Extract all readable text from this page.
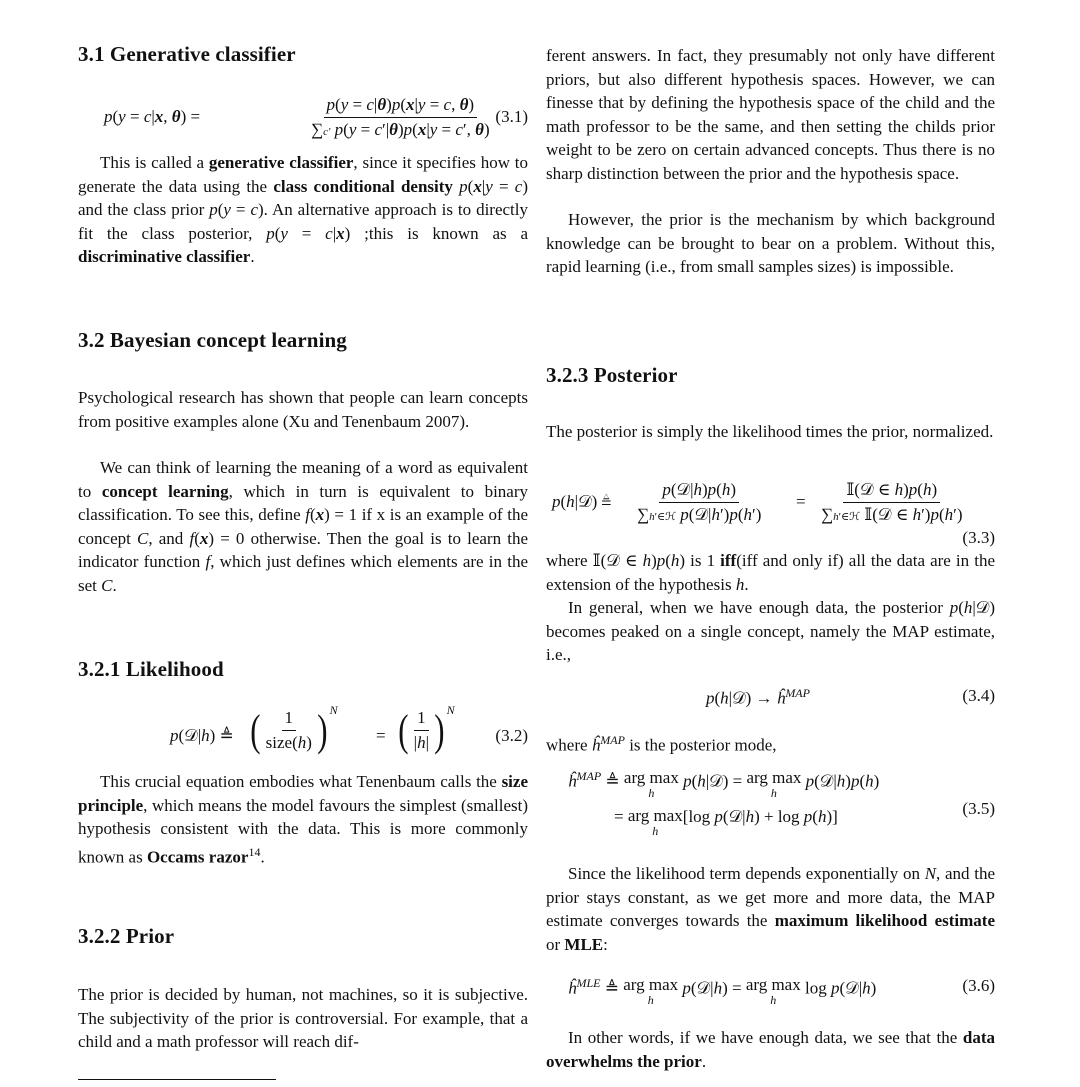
3.1 Generative classifier
p(y = c|x, θ) =	$\frac{p(y = c|\theta)p(x|y = c, \theta)}{\sum c' p(y = c'|\theta)p(x|y = c', \theta)} (3.1)$

This is called a generative classifier, since it specifies how to generate the data using the class conditional density p(x|y = c) and the class prior p(y = c). An alternative approach is to directly fit the class posterior, p(y = c|x) ;this is known as a discriminative classifier.

3.2 Bayesian concept learning

Psychological research has shown that people can learn concepts from positive examples alone (Xu and Tenenbaum 2007).

We can think of learning the meaning of a word as equivalent to concept learning, which in turn is equivalent to binary classification. To see this, define f(x) = 1 if x is an example of the concept C, and f(x) = 0 otherwise. Then the goal is to learn the indicator function f, which just defines which elements are in the set C.

3.2.1 Likelihood
p(𝒟|h) ≜ ( $\frac{1}{\text{size(h)}}$ ) $^N$
= ( $\frac{1}{|h|}$ ) $^N$
(3.2)

This crucial equation embodies what Tenenbaum calls the size principle, which means the model favours the simplest (smallest) hypothesis consistent with the data. This is more commonly known as Occams razor$^{14}$.

3.2.2 Prior

The prior is decided by human, not machines, so it is subjective. The subjectivity of the prior is controversial. For example, that a child and a math professor will reach dif-

ferent answers. In fact, they presumably not only have different priors, but also different hypothesis spaces. However, we can finesse that by defining the hypothesis space of the child and the math professor to be the same, and then setting the childs prior weight to be zero on certain advanced concepts. Thus there is no sharp distinction between the prior and the hypothesis space.

However, the prior is the mechanism by which background knowledge can be brought to bear on a problem. Without this, rapid learning (i.e., from small samples sizes) is impossible.

3.2.3 Posterior

The posterior is simply the likelihood times the prior, normalized.

p(h|𝒟) ≜
p(𝒟|h)p(h)
∑h′∈ℋ p(𝒟|h′)p(h′)
=
𝕀(𝒟 ∈ h)p(h)
∑h′∈ℋ 𝕀(𝒟 ∈ h′)p(h′)
(3.3)

where 𝕀(𝒟 ∈ h)p(h) is 1 iff(iff and only if) all the data are in the extension of the hypothesis h.

In general, when we have enough data, the posterior p(h|𝒟) becomes peaked on a single concept, namely the MAP estimate, i.e.,

p(h|𝒟) → $ĥ^{MAP}$	(3.4)

where $ĥ^{MAP}$ is the posterior mode,

$ĥ^{MAP}$ ≜ arg max
h
p(h|𝒟) = arg max
h
p(𝒟|h)p(h)
= arg max
h
[log p(𝒟|h) + log p(h)]	(3.5)

Since the likelihood term depends exponentially on N, and the prior stays constant, as we get more and more data, the MAP estimate converges towards the maximum likelihood estimate or MLE:

$ĥ^{MLE}$ ≜ arg max
h
p(𝒟|h) = arg max
h
log p(𝒟|h)	(3.6)

In other words, if we have enough data, we see that the data overwhelms the prior.
